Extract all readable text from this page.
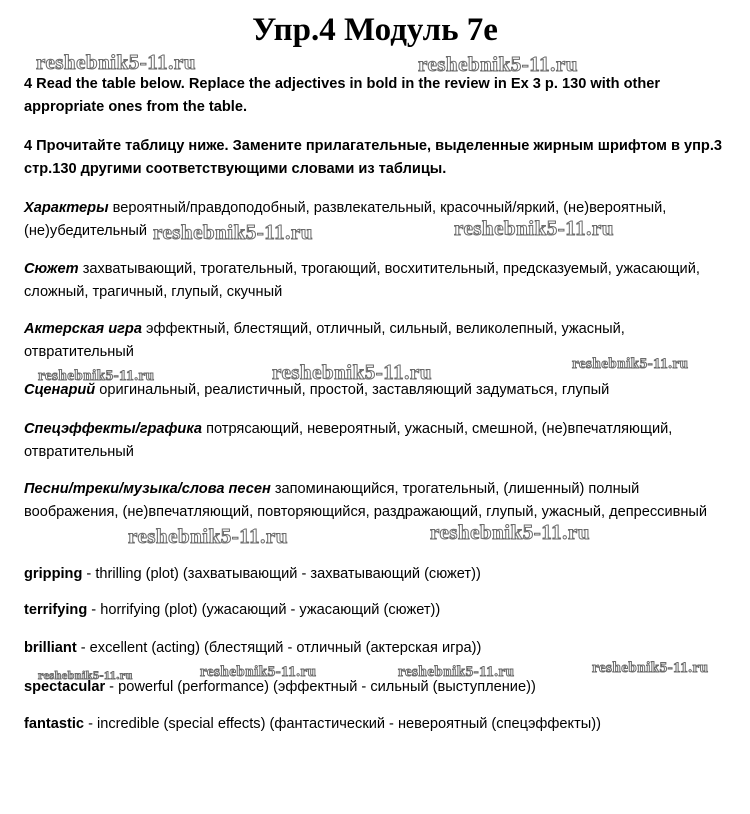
Упр.4 Модуль 7е

4 Read the table below. Replace the adjectives in bold in the review in Ex 3 p. 130 with other appropriate ones from the table.

4 Прочитайте таблицу ниже. Замените прилагательные, выделенные жирным шрифтом в упр.3 стр.130 другими соответствующими словами из таблицы.

Характеры вероятный/правдоподобный, развлекательный, красочный/яркий, (не)вероятный, (не)убедительный

Сюжет захватывающий, трогательный, трогающий, восхитительный, предсказуемый, ужасающий, сложный, трагичный, глупый, скучный

Актерская игра эффектный, блестящий, отличный, сильный, великолепный, ужасный, отвратительный

Сценарий оригинальный, реалистичный, простой, заставляющий задуматься, глупый

Спецэффекты/графика потрясающий, невероятный, ужасный, смешной, (не)впечатляющий, отвратительный

Песни/треки/музыка/слова песен запоминающийся, трогательный, (лишенный) полный воображения, (не)впечатляющий, повторяющийся, раздражающий, глупый, ужасный, депрессивный

gripping - thrilling (plot) (захватывающий - захватывающий (сюжет))

terrifying - horrifying (plot) (ужасающий - ужасающий (сюжет))

brilliant - excellent (acting) (блестящий - отличный (актерская игра))

spectacular - powerful (performance) (эффектный - сильный (выступление))

fantastic - incredible (special effects) (фантастический - невероятный (спецэффекты))

reshebnik5-11.ru	reshebnik5-11.ru
reshebnik5-11.ru	reshebnik5-11.ru
reshebnik5-11.ru	reshebnik5-11.ru
reshebnik5-11.ru
reshebnik5-11.ru	reshebnik5-11.ru
reshebnik5-11.ru	reshebnik5-11.ru	reshebnik5-11.ru	reshebnik5-11.ru
